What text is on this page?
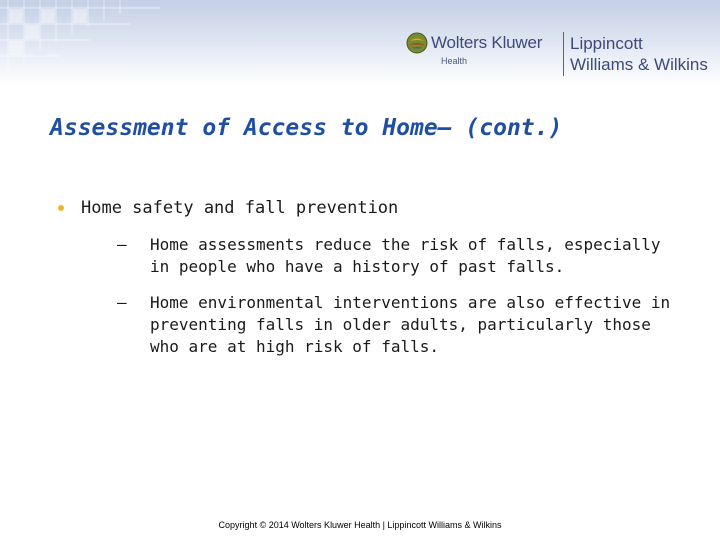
Wolters Kluwer
Health
Lippincott
Williams & Wilkins
Assessment of Access to Home— (cont.)
Home safety and fall prevention
– Home assessments reduce the risk of falls, especially in people who have a history of past falls.
– Home environmental interventions are also effective in preventing falls in older adults, particularly those who are at high risk of falls.
Copyright © 2014 Wolters Kluwer Health | Lippincott Williams & Wilkins
